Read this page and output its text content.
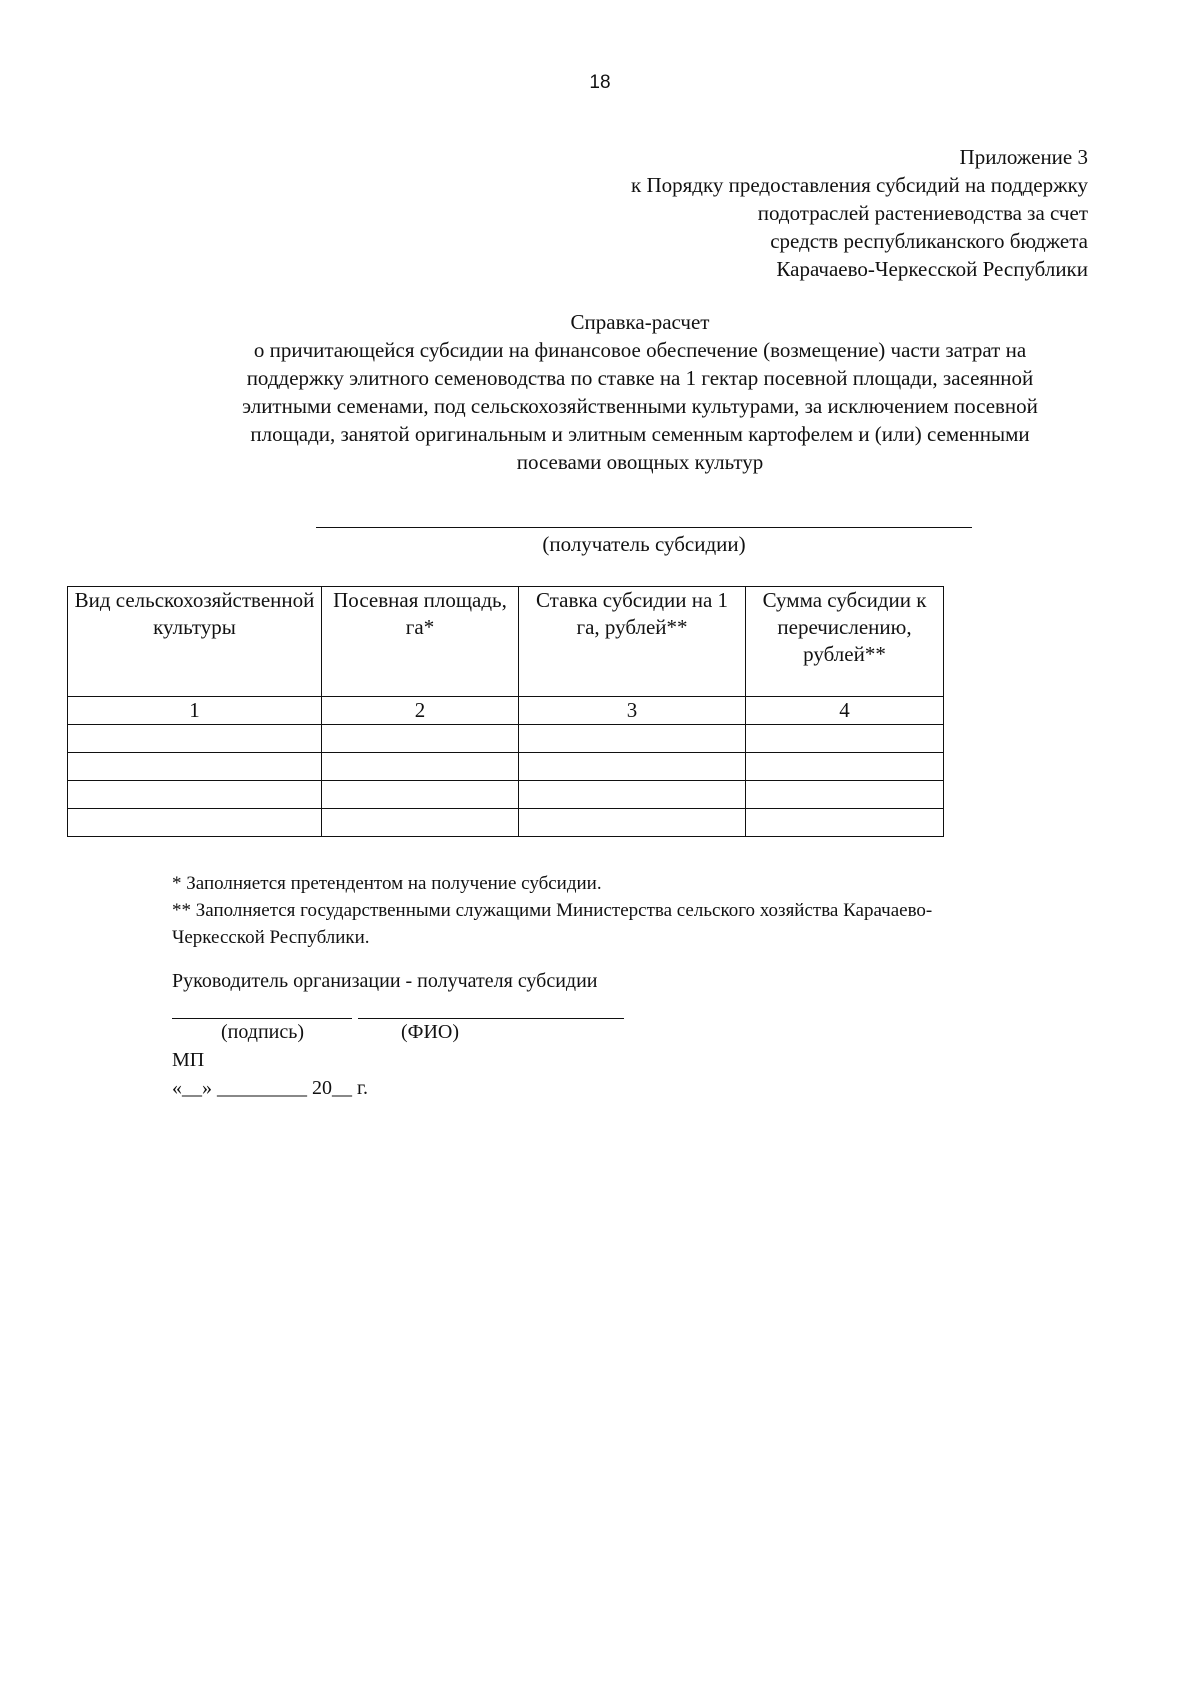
18
Приложение 3
к Порядку предоставления субсидий на поддержку
подотраслей растениеводства за счет
средств республиканского бюджета
Карачаево-Черкесской Республики
Справка-расчет
о причитающейся субсидии на финансовое обеспечение (возмещение) части затрат на
поддержку элитного семеноводства по ставке на 1 гектар посевной площади, засеянной
элитными семенами, под сельскохозяйственными культурами, за исключением посевной
площади, занятой оригинальным и элитным семенным картофелем и (или) семенными
посевами овощных культур
(получатель субсидии)
Вид сельскохозяйственной культуры	Посевная площадь, га*	Ставка субсидии на 1 га, рублей**	Сумма субсидии к перечислению, рублей**
1	2	3	4

* Заполняется претендентом на получение субсидии.
** Заполняется государственными служащими Министерства сельского хозяйства Карачаево-
Черкесской Республики.
Руководитель организации - получателя субсидии
(подпись)	(ФИО)
МП
«__» _________ 20__ г.
